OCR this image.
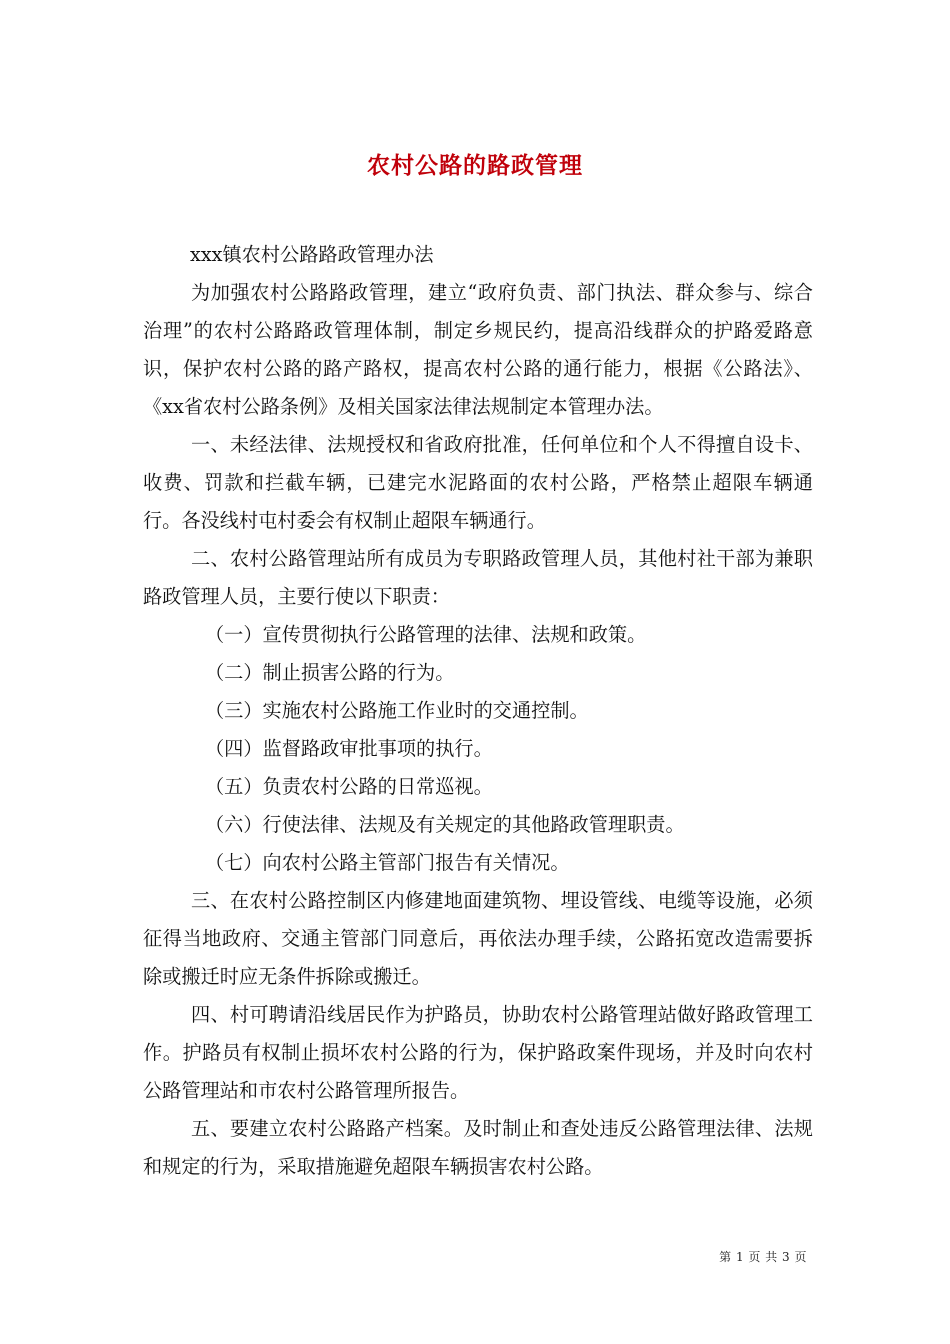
农村公路的路政管理

xxx镇农村公路路政管理办法

为加强农村公路路政管理，建立“政府负责、部门执法、群众参与、综合治理”的农村公路路政管理体制，制定乡规民约，提高沿线群众的护路爱路意识，保护农村公路的路产路权，提高农村公路的通行能力，根据《公路法》、《xx省农村公路条例》及相关国家法律法规制定本管理办法。

一、未经法律、法规授权和省政府批准，任何单位和个人不得擅自设卡、收费、罚款和拦截车辆，已建完水泥路面的农村公路，严格禁止超限车辆通行。各没线村屯村委会有权制止超限车辆通行。

二、农村公路管理站所有成员为专职路政管理人员，其他村社干部为兼职路政管理人员，主要行使以下职责：

（一）宣传贯彻执行公路管理的法律、法规和政策。

（二）制止损害公路的行为。

（三）实施农村公路施工作业时的交通控制。

（四）监督路政审批事项的执行。

（五）负责农村公路的日常巡视。

（六）行使法律、法规及有关规定的其他路政管理职责。

（七）向农村公路主管部门报告有关情况。

三、在农村公路控制区内修建地面建筑物、埋设管线、电缆等设施，必须征得当地政府、交通主管部门同意后，再依法办理手续，公路拓宽改造需要拆除或搬迁时应无条件拆除或搬迁。

四、村可聘请沿线居民作为护路员，协助农村公路管理站做好路政管理工作。护路员有权制止损坏农村公路的行为，保护路政案件现场，并及时向农村公路管理站和市农村公路管理所报告。

五、要建立农村公路路产档案。及时制止和查处违反公路管理法律、法规和规定的行为，采取措施避免超限车辆损害农村公路。

第 1 页 共 3 页
